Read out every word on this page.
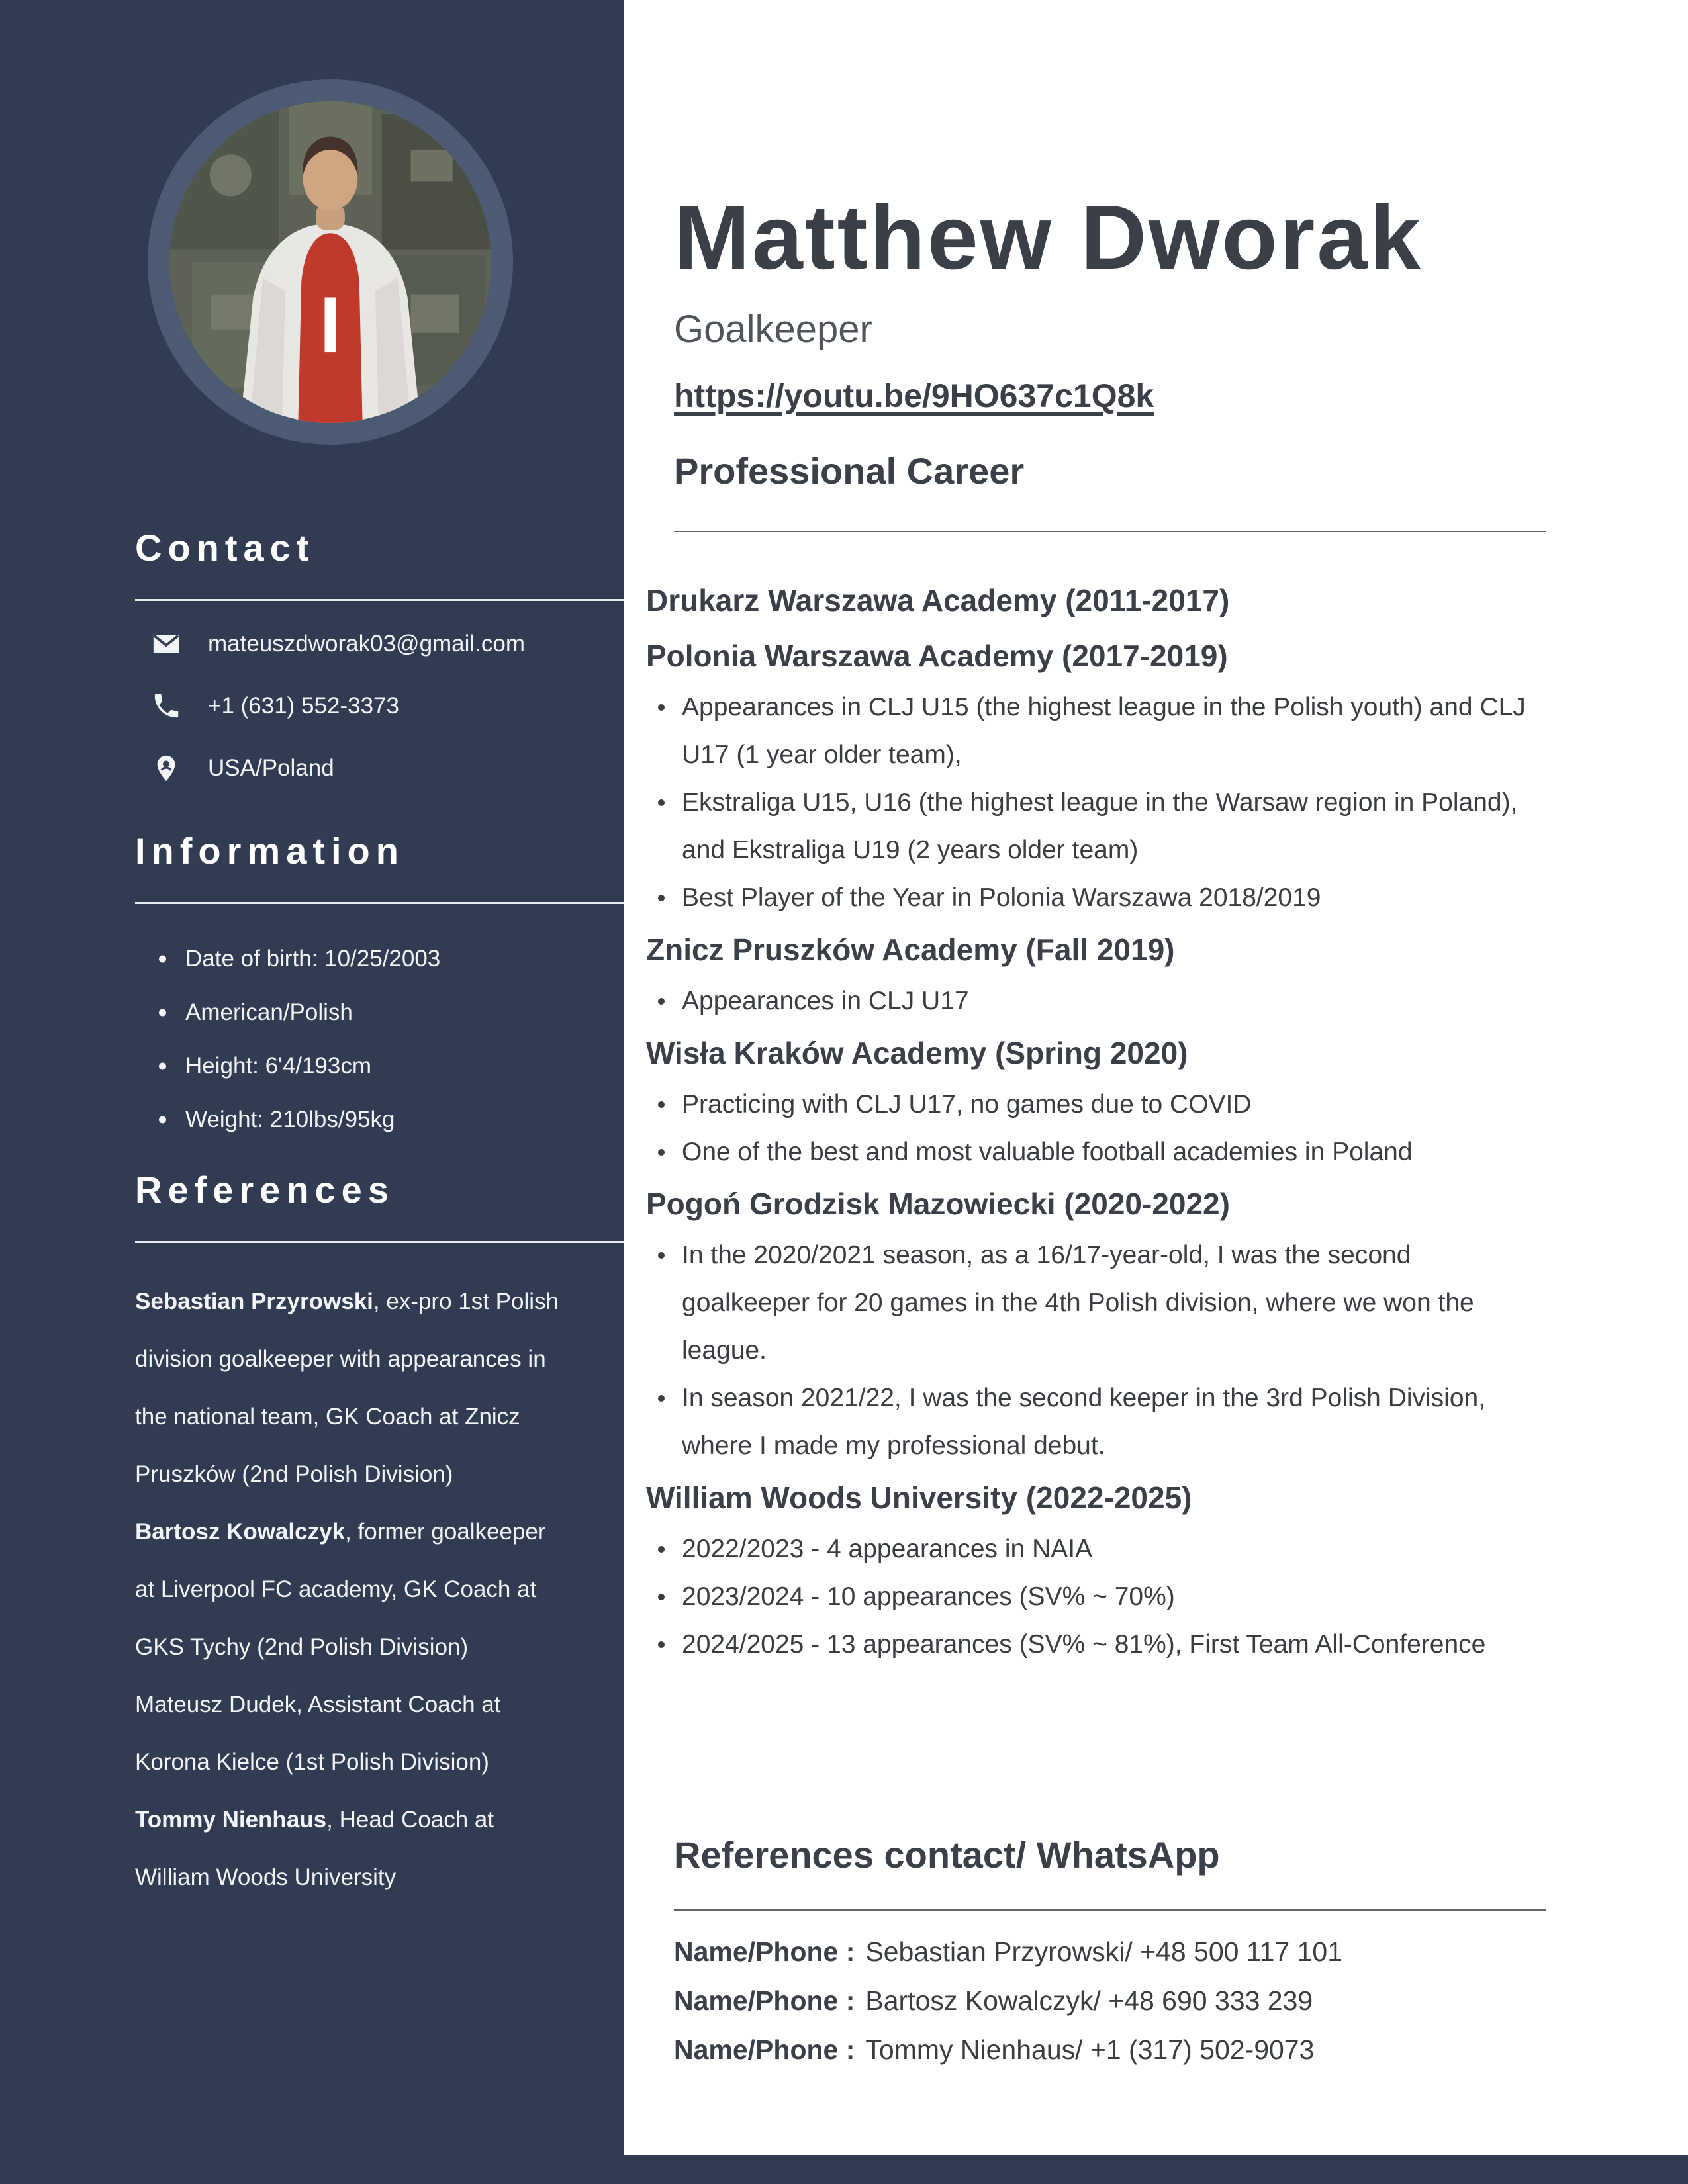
Contact
mateuszdworak03@gmail.com
+1 (631) 552-3373
USA/Poland
Information
Date of birth: 10/25/2003
American/Polish
Height: 6'4/193cm
Weight: 210lbs/95kg
References

Sebastian Przyrowski, ex-pro 1st Polish division goalkeeper with appearances in the national team, GK Coach at Znicz Pruszków (2nd Polish Division)

Bartosz Kowalczyk, former goalkeeper at Liverpool FC academy, GK Coach at GKS Tychy (2nd Polish Division)

Mateusz Dudek, Assistant Coach at Korona Kielce (1st Polish Division)

Tommy Nienhaus, Head Coach at William Woods University

Matthew Dworak
Goalkeeper
https://youtu.be/9HO637c1Q8k
Professional Career
Drukarz Warszawa Academy (2011-2017)
Polonia Warszawa Academy (2017-2019)
Appearances in CLJ U15 (the highest league in the Polish youth) and CLJ U17 (1 year older team),
Ekstraliga U15, U16 (the highest league in the Warsaw region in Poland), and Ekstraliga U19 (2 years older team)
Best Player of the Year in Polonia Warszawa 2018/2019
Znicz Pruszków Academy (Fall 2019)
Appearances in CLJ U17
Wisła Kraków Academy (Spring 2020)
Practicing with CLJ U17, no games due to COVID
One of the best and most valuable football academies in Poland
Pogoń Grodzisk Mazowiecki (2020-2022)
In the 2020/2021 season, as a 16/17-year-old, I was the second goalkeeper for 20 games in the 4th Polish division, where we won the league.
In season 2021/22, I was the second keeper in the 3rd Polish Division, where I made my professional debut.
William Woods University (2022-2025)
2022/2023 - 4 appearances in NAIA
2023/2024 - 10 appearances (SV% ~ 70%)
2024/2025 - 13 appearances (SV% ~ 81%), First Team All-Conference
References contact/ WhatsApp
Name/Phone : Sebastian Przyrowski/ +48 500 117 101
Name/Phone : Bartosz Kowalczyk/ +48 690 333 239
Name/Phone : Tommy Nienhaus/ +1 (317) 502-9073
